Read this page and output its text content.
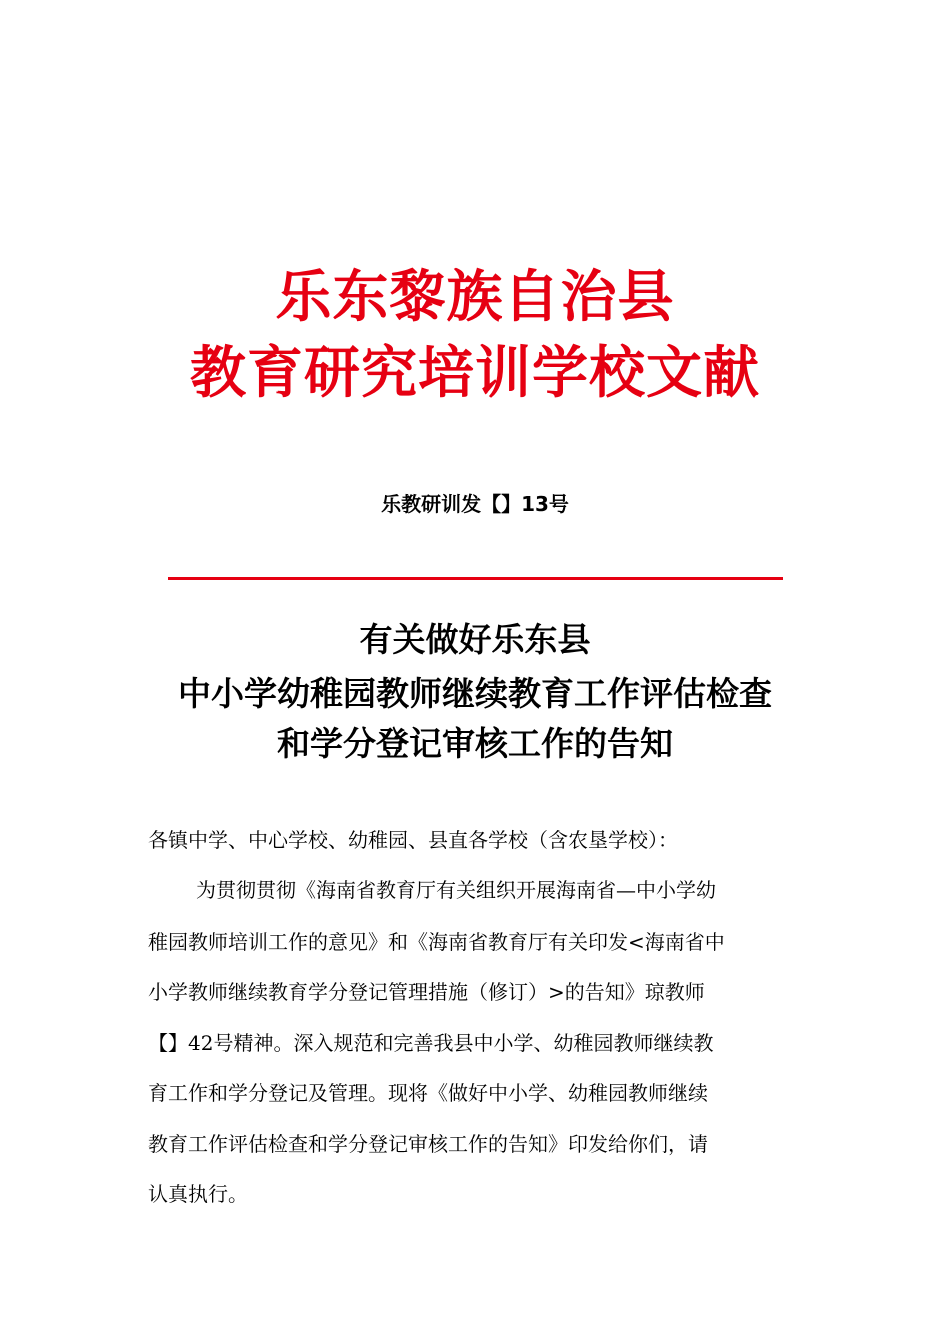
乐东黎族自治县
教育研究培训学校文献
乐教研训发【】13号
有关做好乐东县
中小学幼稚园教师继续教育工作评估检查
和学分登记审核工作的告知
各镇中学、中心学校、幼稚园、县直各学校（含农垦学校）：
为贯彻贯彻《海南省教育厅有关组织开展海南省—中小学幼
稚园教师培训工作的意见》和《海南省教育厅有关印发<海南省中
小学教师继续教育学分登记管理措施（修订）>的告知》琼教师
【】42号精神。深入规范和完善我县中小学、幼稚园教师继续教
育工作和学分登记及管理。现将《做好中小学、幼稚园教师继续
教育工作评估检查和学分登记审核工作的告知》印发给你们，请
认真执行。
